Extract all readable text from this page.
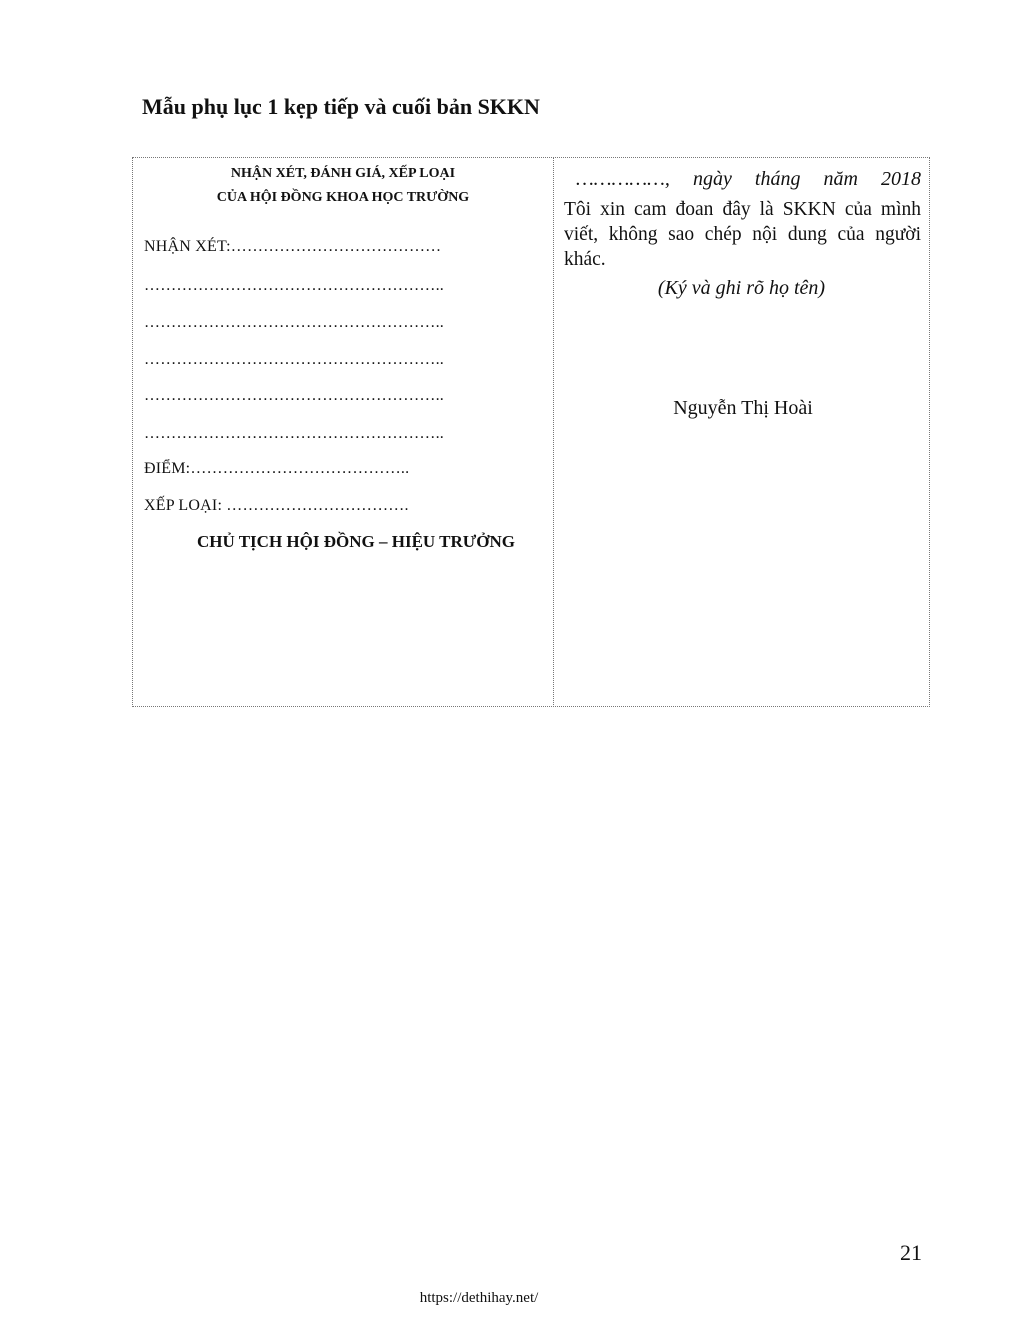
Mẫu phụ lục 1 kẹp tiếp và cuối bản SKKN
NHẬN XÉT, ĐÁNH GIÁ, XẾP LOẠI
CỦA HỘI ĐỒNG KHOA HỌC TRƯỜNG
NHẬN XÉT:…………………………………
………………………………………………..
………………………………………………..
………………………………………………..
………………………………………………..
………………………………………………..
ĐIỂM:…………………………………..
XẾP LOẠI: …………………………….
CHỦ TỊCH HỘI ĐỒNG – HIỆU TRƯỞNG
……………, ngày tháng năm 2018
Tôi xin cam đoan đây là SKKN của mình viết, không sao chép nội dung của người khác.
(Ký và ghi rõ họ tên)
Nguyễn Thị Hoài
21
https://dethihay.net/
